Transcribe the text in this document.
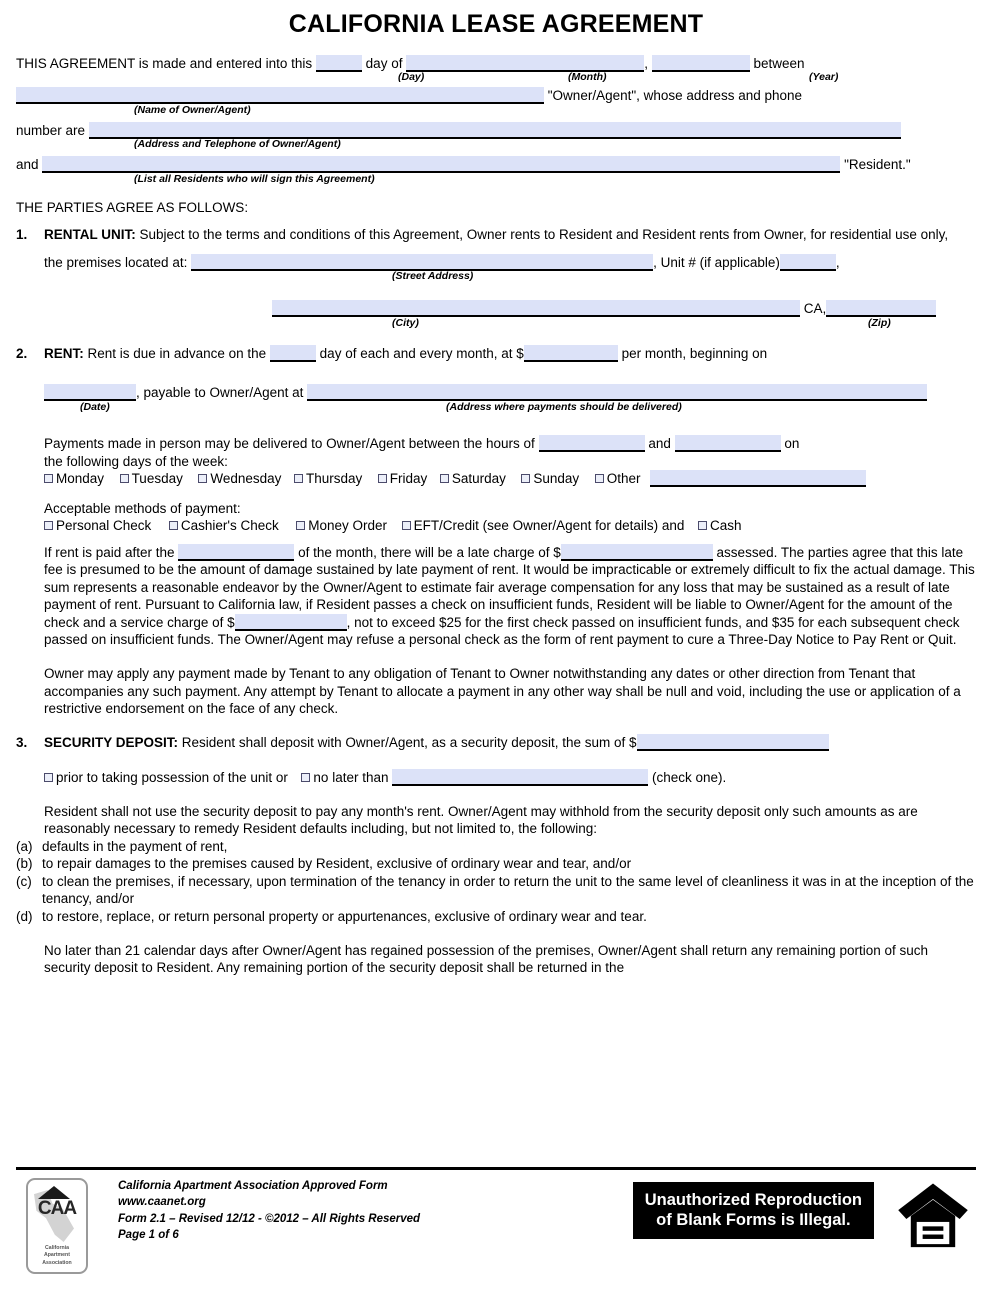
CALIFORNIA LEASE AGREEMENT
THIS AGREEMENT is made and entered into this	day of	,	between
(Day)	(Month)	(Year)
"Owner/Agent", whose address and phone
(Name of Owner/Agent)
number are
(Address and Telephone of Owner/Agent)
and	"Resident."
(List all Residents who will sign this Agreement)
THE PARTIES AGREE AS FOLLOWS:
1.	RENTAL UNIT: Subject to the terms and conditions of this Agreement, Owner rents to Resident and Resident rents from Owner, for residential use only,
the premises located at:	, Unit # (if applicable)	,
(Street Address)
CA,
(City)	(Zip)
2.	RENT: Rent is due in advance on the	day of each and every month, at $	per month, beginning on
, payable to Owner/Agent at
(Date)	(Address where payments should be delivered)
Payments made in person may be delivered to Owner/Agent between the hours of	and	on
the following days of the week:
Monday Tuesday Wednesday Thursday Friday Saturday Sunday Other
Acceptable methods of payment:
Personal Check Cashier's Check Money Order EFT/Credit (see Owner/Agent for details) and Cash
If rent is paid after the	of the month, there will be a late charge of $	assessed. The parties agree that this late fee is presumed to be the amount of damage sustained by late payment of rent. It would be impracticable or extremely difficult to fix the actual damage. This sum represents a reasonable endeavor by the Owner/Agent to estimate fair average compensation for any loss that may be sustained as a result of late payment of rent. Pursuant to California law, if Resident passes a check on insufficient funds, Resident will be liable to Owner/Agent for the amount of the check and a service charge of $	, not to exceed $25 for the first check passed on insufficient funds, and $35 for each subsequent check passed on insufficient funds. The Owner/Agent may refuse a personal check as the form of rent payment to cure a Three-Day Notice to Pay Rent or Quit.
Owner may apply any payment made by Tenant to any obligation of Tenant to Owner notwithstanding any dates or other direction from Tenant that accompanies any such payment. Any attempt by Tenant to allocate a payment in any other way shall be null and void, including the use or application of a restrictive endorsement on the face of any check.
3.	SECURITY DEPOSIT: Resident shall deposit with Owner/Agent, as a security deposit, the sum of $
prior to taking possession of the unit or no later than	(check one).
Resident shall not use the security deposit to pay any month's rent. Owner/Agent may withhold from the security deposit only such amounts as are reasonably necessary to remedy Resident defaults including, but not limited to, the following:
(a) defaults in the payment of rent,
(b) to repair damages to the premises caused by Resident, exclusive of ordinary wear and tear, and/or
(c) to clean the premises, if necessary, upon termination of the tenancy in order to return the unit to the same level of cleanliness it was in at the inception of the tenancy, and/or
(d) to restore, replace, or return personal property or appurtenances, exclusive of ordinary wear and tear.
No later than 21 calendar days after Owner/Agent has regained possession of the premises, Owner/Agent shall return any remaining portion of such security deposit to Resident. Any remaining portion of the security deposit shall be returned in the
CAA
California
Apartment
Association
California Apartment Association Approved Form
www.caanet.org
Form 2.1 – Revised 12/12 - ©2012 – All Rights Reserved
Page 1 of 6
Unauthorized Reproduction
of Blank Forms is Illegal.
